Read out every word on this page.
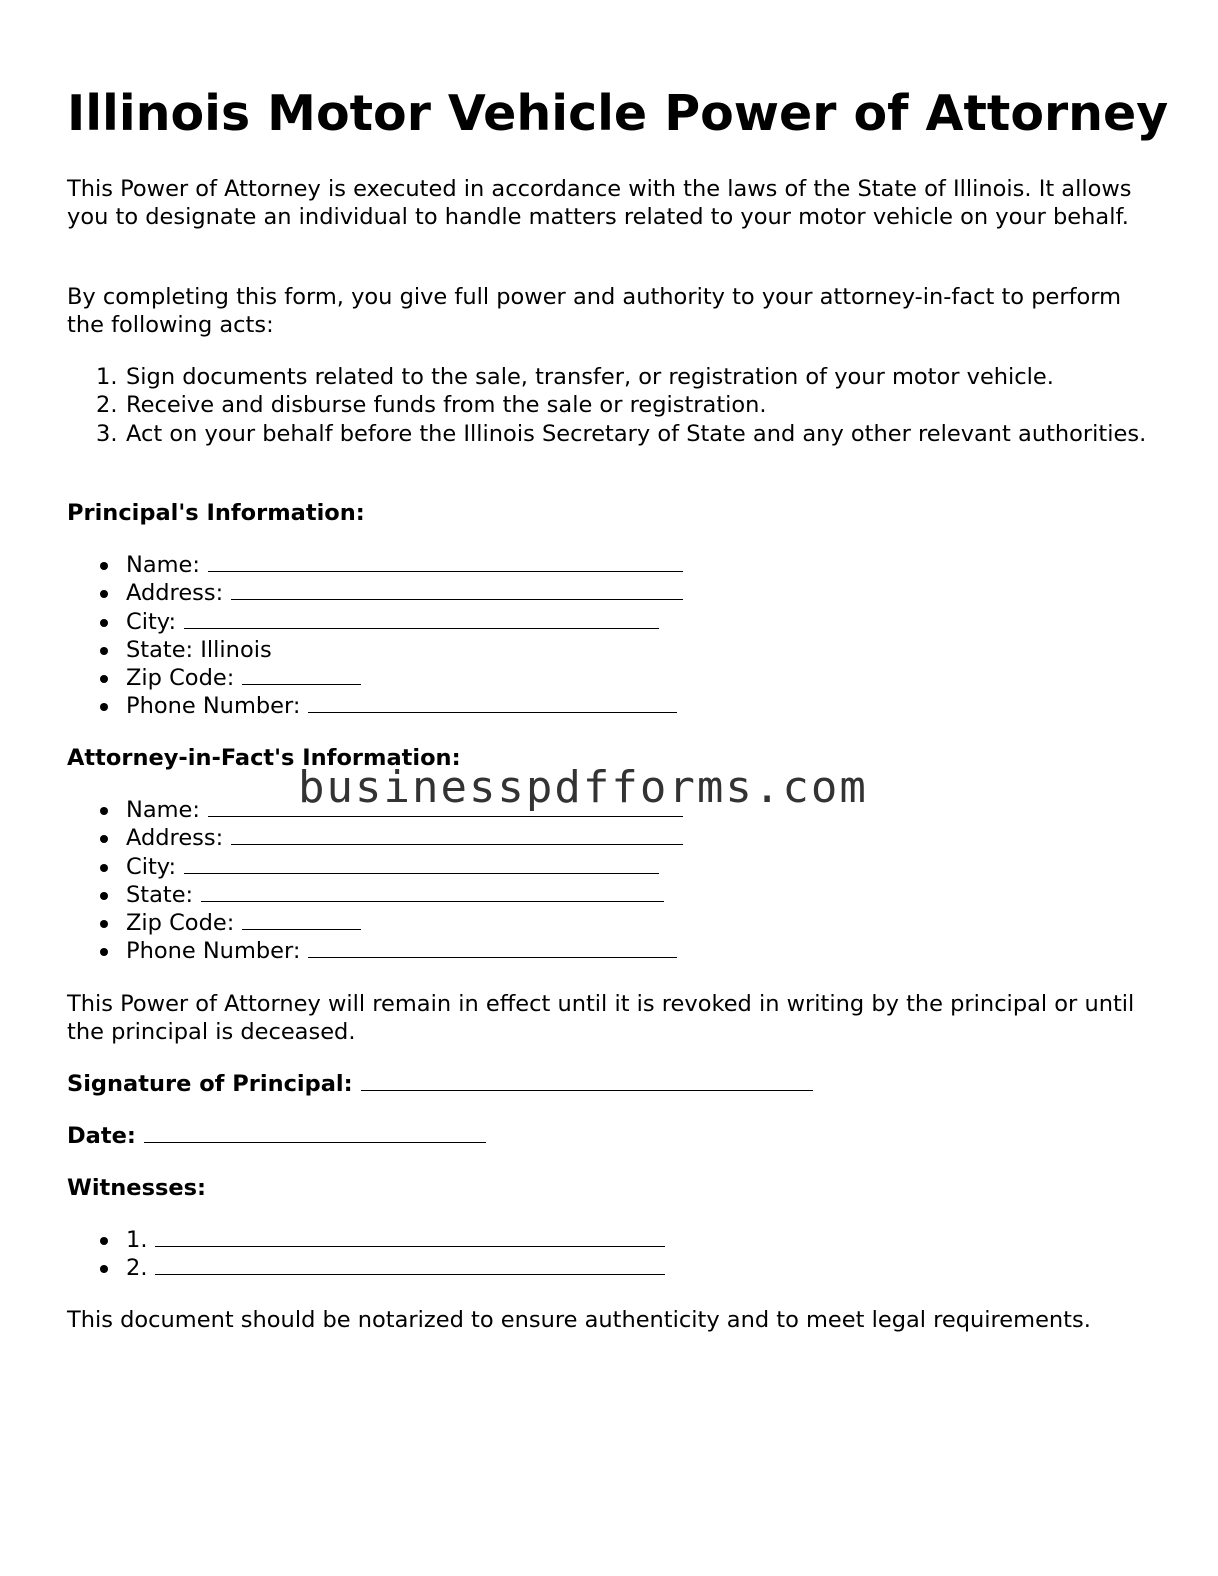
Illinois Motor Vehicle Power of Attorney

This Power of Attorney is executed in accordance with the laws of the State of Illinois. It allows you to designate an individual to handle matters related to your motor vehicle on your behalf.

By completing this form, you give full power and authority to your attorney-in-fact to perform the following acts:

1. Sign documents related to the sale, transfer, or registration of your motor vehicle.
2. Receive and disburse funds from the sale or registration.
3. Act on your behalf before the Illinois Secretary of State and any other relevant authorities.

Principal's Information:

Name:
Address:
City:
State: Illinois
Zip Code:
Phone Number:

Attorney-in-Fact's Information:

Name:
Address:
City:
State:
Zip Code:
Phone Number:

This Power of Attorney will remain in effect until it is revoked in writing by the principal or until the principal is deceased.

Signature of Principal:

Date:

Witnesses:

1.
2.

This document should be notarized to ensure authenticity and to meet legal requirements.

businesspdfforms.com
